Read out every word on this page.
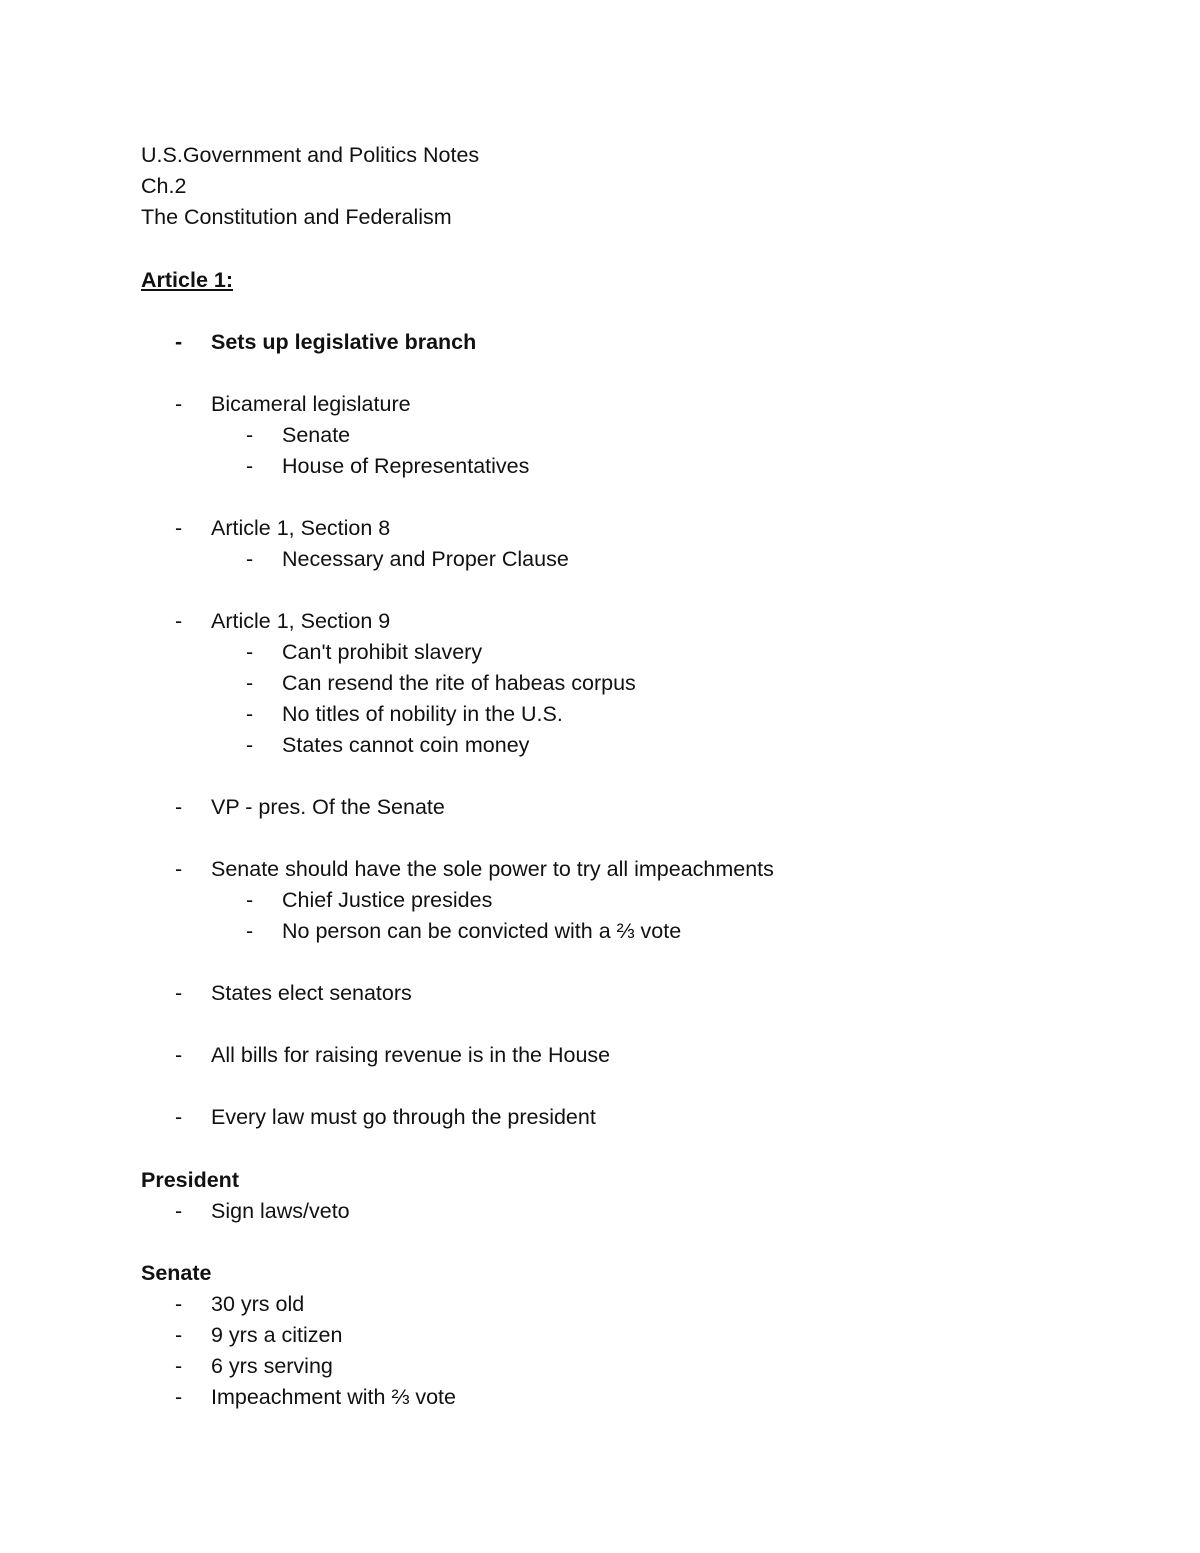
U.S.Government and Politics Notes
Ch.2
The Constitution and Federalism
Article 1:
- Sets up legislative branch
- Bicameral legislature
- Senate
- House of Representatives
- Article 1, Section 8
- Necessary and Proper Clause
- Article 1, Section 9
- Can't prohibit slavery
- Can resend the rite of habeas corpus
- No titles of nobility in the U.S.
- States cannot coin money
- VP - pres. Of the Senate
- Senate should have the sole power to try all impeachments
- Chief Justice presides
- No person can be convicted with a ⅔ vote
- States elect senators
- All bills for raising revenue is in the House
- Every law must go through the president
President
- Sign laws/veto
Senate
- 30 yrs old
- 9 yrs a citizen
- 6 yrs serving
- Impeachment with ⅔ vote
